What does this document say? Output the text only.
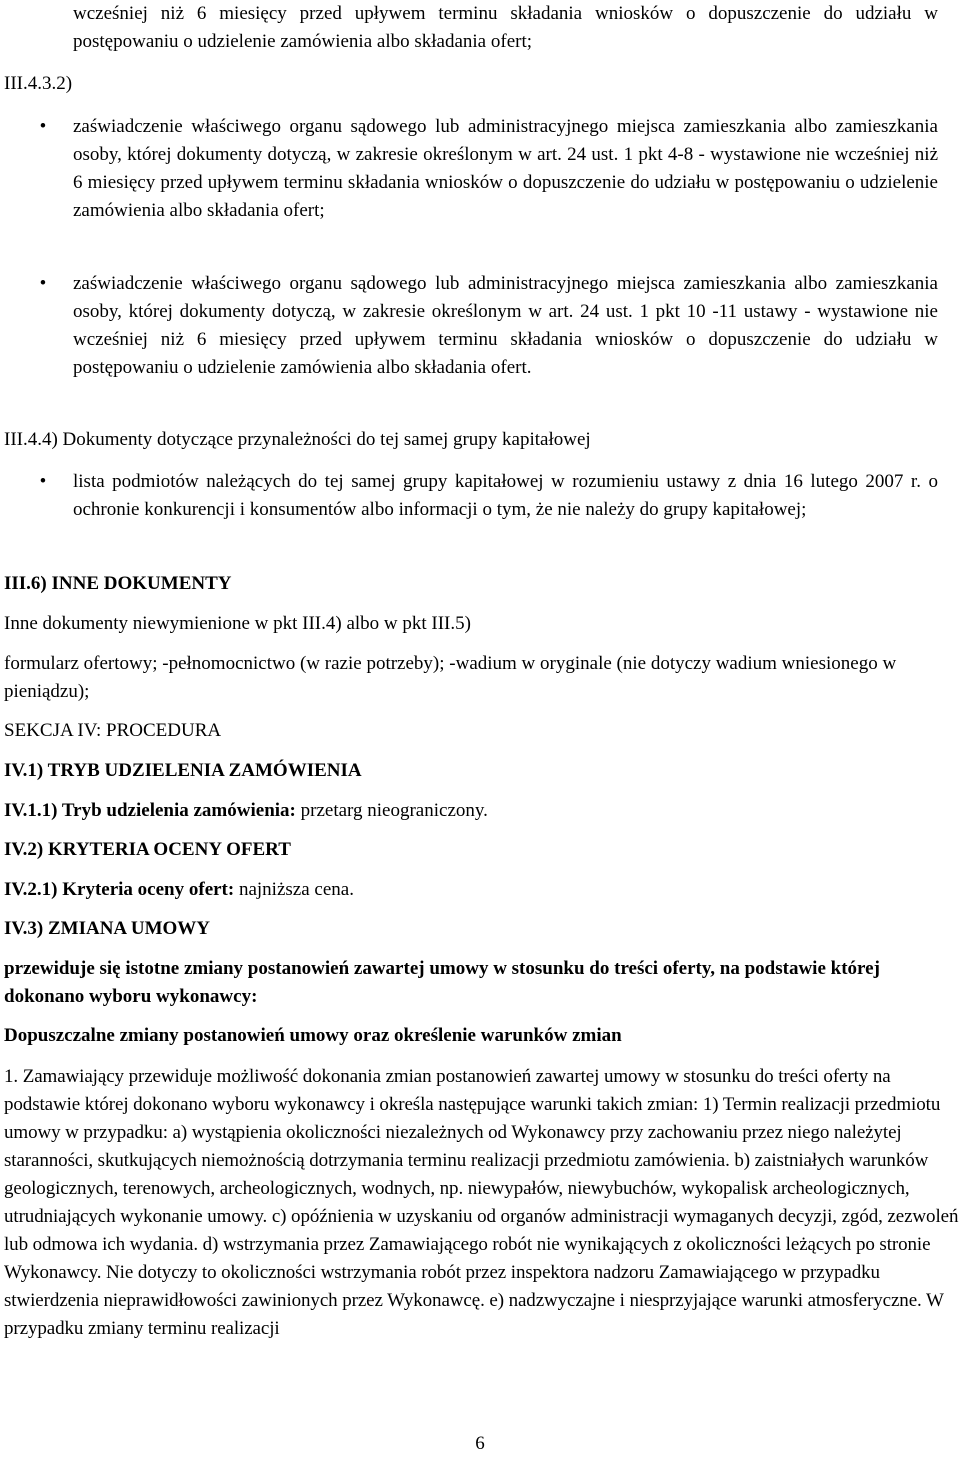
wcześniej niż 6 miesięcy przed upływem terminu składania wniosków o dopuszczenie do udziału w postępowaniu o udzielenie zamówienia albo składania ofert;
III.4.3.2)
•	zaświadczenie właściwego organu sądowego lub administracyjnego miejsca zamieszkania albo zamieszkania osoby, której dokumenty dotyczą, w zakresie określonym w art. 24 ust. 1 pkt 4-8 - wystawione nie wcześniej niż 6 miesięcy przed upływem terminu składania wniosków o dopuszczenie do udziału w postępowaniu o udzielenie zamówienia albo składania ofert;
•	zaświadczenie właściwego organu sądowego lub administracyjnego miejsca zamieszkania albo zamieszkania osoby, której dokumenty dotyczą, w zakresie określonym w art. 24 ust. 1 pkt 10 -11 ustawy - wystawione nie wcześniej niż 6 miesięcy przed upływem terminu składania wniosków o dopuszczenie do udziału w postępowaniu o udzielenie zamówienia albo składania ofert.
III.4.4) Dokumenty dotyczące przynależności do tej samej grupy kapitałowej
•	lista podmiotów należących do tej samej grupy kapitałowej w rozumieniu ustawy z dnia 16 lutego 2007 r. o ochronie konkurencji i konsumentów albo informacji o tym, że nie należy do grupy kapitałowej;
III.6) INNE DOKUMENTY
Inne dokumenty niewymienione w pkt III.4) albo w pkt III.5)
formularz ofertowy; -pełnomocnictwo (w razie potrzeby); -wadium w oryginale (nie dotyczy wadium wniesionego w pieniądzu);
SEKCJA IV: PROCEDURA
IV.1) TRYB UDZIELENIA ZAMÓWIENIA
IV.1.1) Tryb udzielenia zamówienia: przetarg nieograniczony.
IV.2) KRYTERIA OCENY OFERT
IV.2.1) Kryteria oceny ofert: najniższa cena.
IV.3) ZMIANA UMOWY
przewiduje się istotne zmiany postanowień zawartej umowy w stosunku do treści oferty, na podstawie której dokonano wyboru wykonawcy:
Dopuszczalne zmiany postanowień umowy oraz określenie warunków zmian
1. Zamawiający przewiduje możliwość dokonania zmian postanowień zawartej umowy w stosunku do treści oferty na podstawie której dokonano wyboru wykonawcy i określa następujące warunki takich zmian: 1) Termin realizacji przedmiotu umowy w przypadku: a) wystąpienia okoliczności niezależnych od Wykonawcy przy zachowaniu przez niego należytej staranności, skutkujących niemożnością dotrzymania terminu realizacji przedmiotu zamówienia. b) zaistniałych warunków geologicznych, terenowych, archeologicznych, wodnych, np. niewypałów, niewybuchów, wykopalisk archeologicznych, utrudniających wykonanie umowy. c) opóźnienia w uzyskaniu od organów administracji wymaganych decyzji, zgód, zezwoleń lub odmowa ich wydania. d) wstrzymania przez Zamawiającego robót nie wynikających z okoliczności leżących po stronie Wykonawcy. Nie dotyczy to okoliczności wstrzymania robót przez inspektora nadzoru Zamawiającego w przypadku stwierdzenia nieprawidłowości zawinionych przez Wykonawcę. e) nadzwyczajne i niesprzyjające warunki atmosferyczne. W przypadku zmiany terminu realizacji
6
